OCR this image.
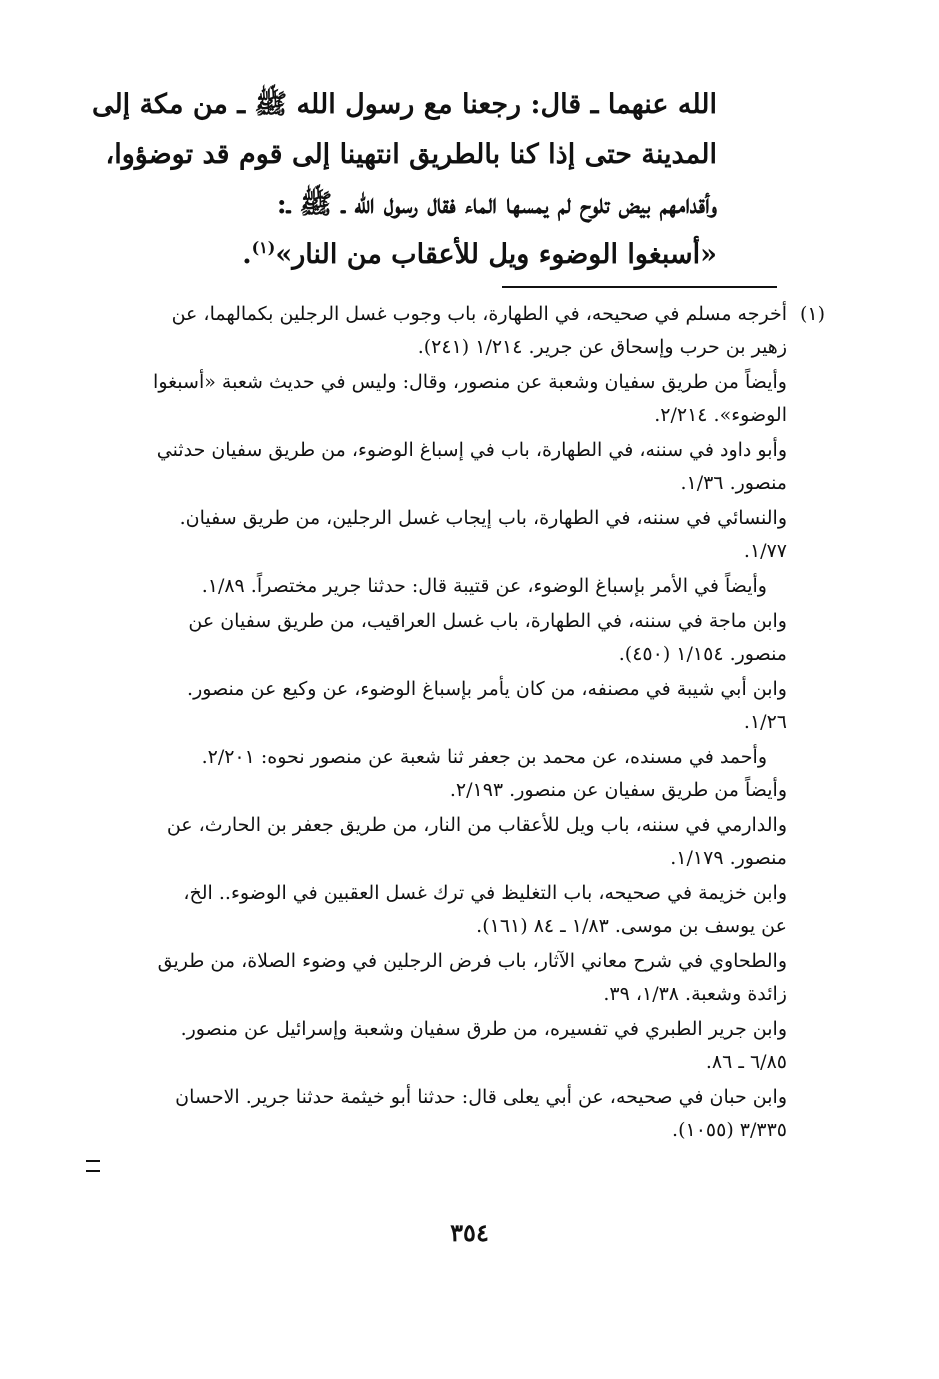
الله عنهما ـ قال: رجعنا مع رسول الله ﷺ ـ من مكة إلى
المدينة حتى إذا كنا بالطريق انتهينا إلى قوم قد توضؤوا،
وأقدامهم بيض تلوح لم يمسها الماء فقال رسول الله ـ ﷺ ـ:
«أسبغوا الوضوء ويل للأعقاب من النار»$^{(١)}$.
(١)
أخرجه مسلم في صحيحه، في الطهارة، باب وجوب غسل الرجلين بكمالهما، عن
زهير بن حرب وإسحاق عن جرير. ١/٢١٤ (٢٤١).
وأيضاً من طريق سفيان وشعبة عن منصور، وقال: وليس في حديث شعبة «أسبغوا
الوضوء». ٢/٢١٤.
وأبو داود في سننه، في الطهارة، باب في إسباغ الوضوء، من طريق سفيان حدثني
منصور. ١/٣٦.
والنسائي في سننه، في الطهارة، باب إيجاب غسل الرجلين، من طريق سفيان.
١/٧٧.
وأيضاً في الأمر بإسباغ الوضوء، عن قتيبة قال: حدثنا جرير مختصراً. ١/٨٩.
وابن ماجة في سننه، في الطهارة، باب غسل العراقيب، من طريق سفيان عن
منصور. ١/١٥٤ (٤٥٠).
وابن أبي شيبة في مصنفه، من كان يأمر بإسباغ الوضوء، عن وكيع عن منصور.
١/٢٦.
وأحمد في مسنده، عن محمد بن جعفر ثنا شعبة عن منصور نحوه: ٢/٢٠١.
وأيضاً من طريق سفيان عن منصور. ٢/١٩٣.
والدارمي في سننه، باب ويل للأعقاب من النار، من طريق جعفر بن الحارث، عن
منصور. ١/١٧٩.
وابن خزيمة في صحيحه، باب التغليظ في ترك غسل العقبين في الوضوء.. الخ،
عن يوسف بن موسى. ١/٨٣ ـ ٨٤ (١٦١).
والطحاوي في شرح معاني الآثار، باب فرض الرجلين في وضوء الصلاة، من طريق
زائدة وشعبة. ١/٣٨، ٣٩.
وابن جرير الطبري في تفسيره، من طرق سفيان وشعبة وإسرائيل عن منصور.
٦/٨٥ ـ ٨٦.
وابن حبان في صحيحه، عن أبي يعلى قال: حدثنا أبو خيثمة حدثنا جرير. الاحسان
٣/٣٣٥ (١٠٥٥).
٣٥٤
